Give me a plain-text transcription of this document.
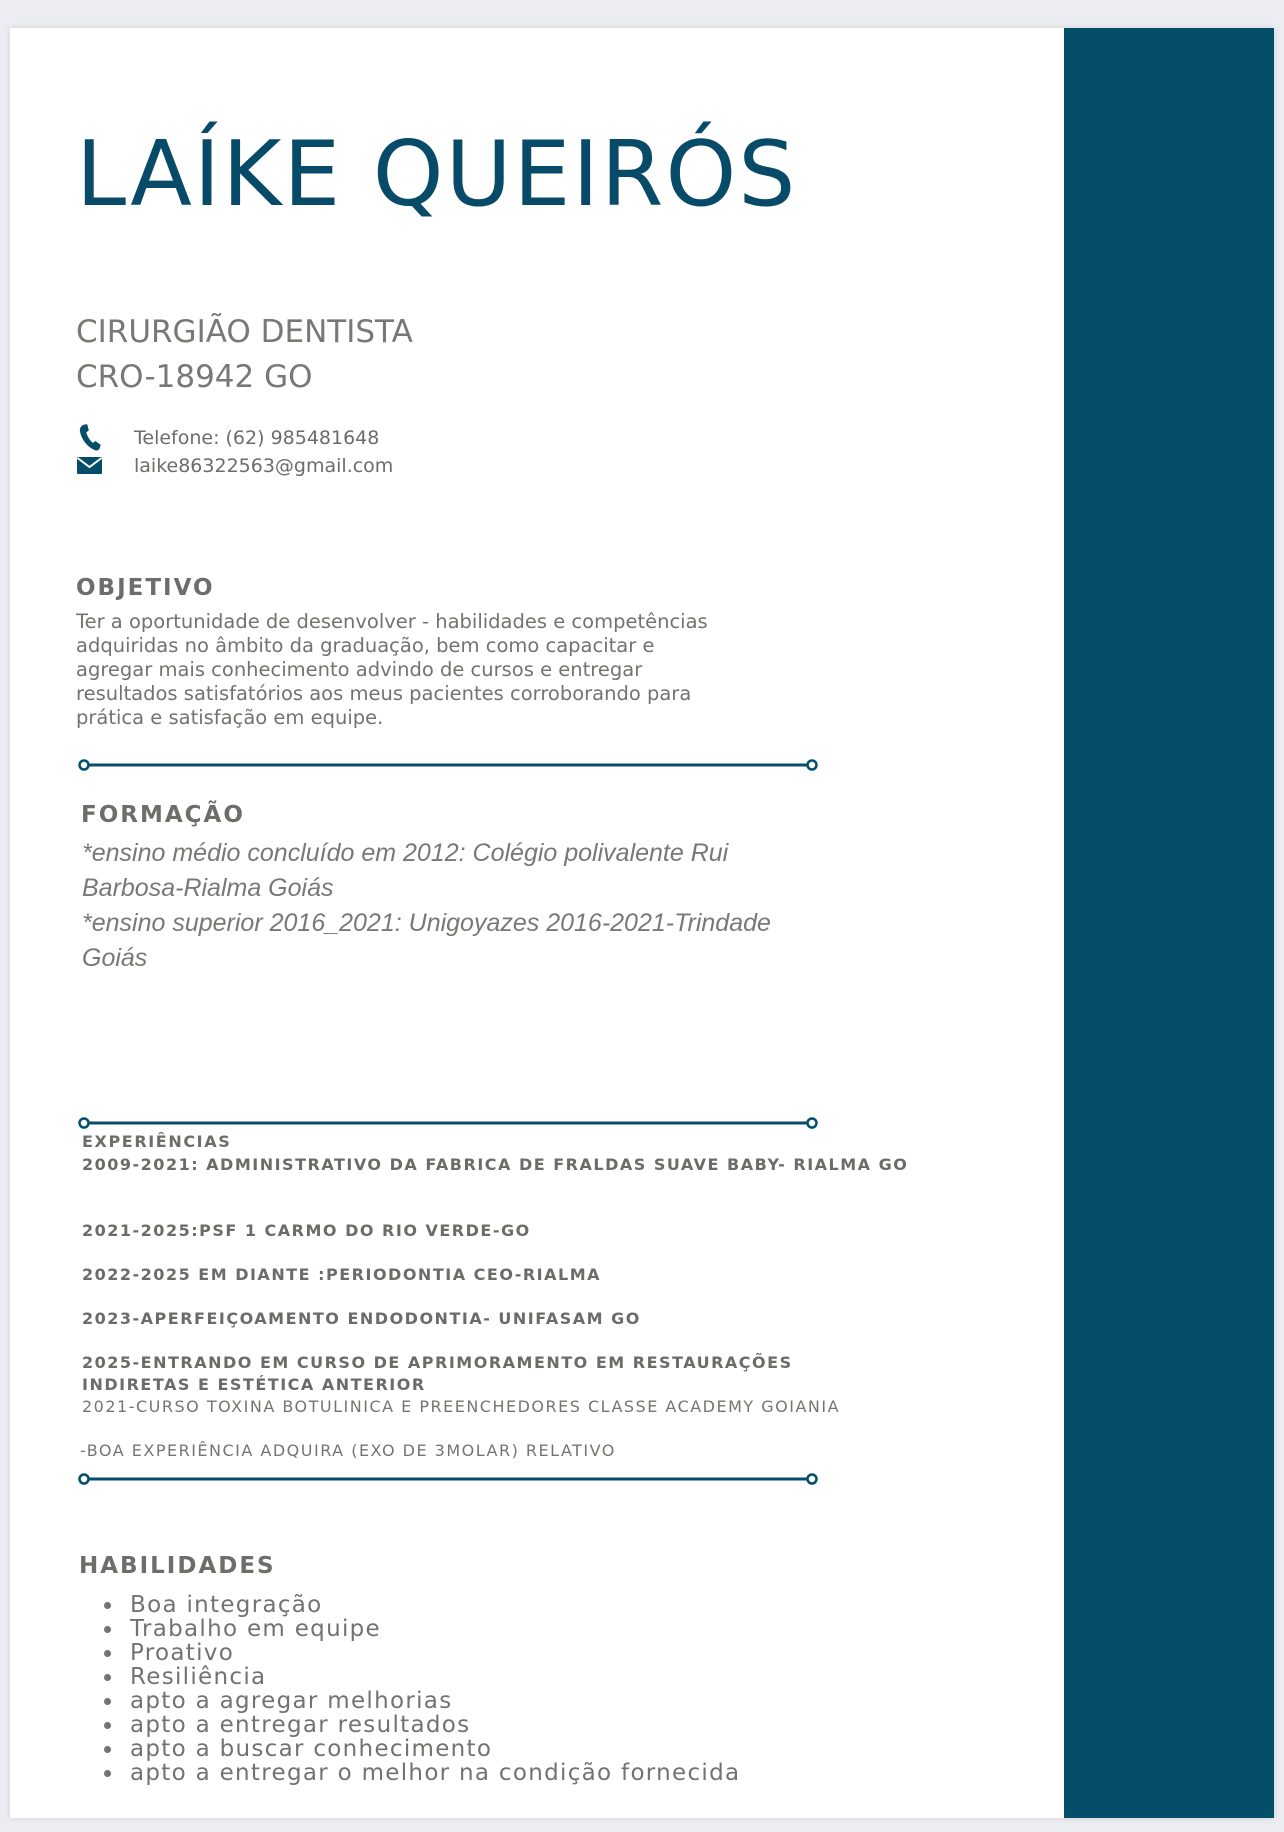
LAÍKE QUEIRÓS
CIRURGIÃO DENTISTA
CRO-18942 GO
Telefone: (62) 985481648
laike86322563@gmail.com
OBJETIVO

Ter a oportunidade de desenvolver - habilidades e competências adquiridas no âmbito da graduação, bem como capacitar e agregar mais conhecimento advindo de cursos e entregar resultados satisfatórios aos meus pacientes corroborando para prática e satisfação em equipe.

FORMAÇÃO
*ensino médio concluído em 2012: Colégio polivalente Rui Barbosa-Rialma Goiás
*ensino superior 2016_2021: Unigoyazes 2016-2021-Trindade Goiás
EXPERIÊNCIAS
2009-2021: ADMINISTRATIVO DA FABRICA DE FRALDAS SUAVE BABY- RIALMA GO
2021-2025:PSF 1 CARMO DO RIO VERDE-GO
2022-2025 EM DIANTE :PERIODONTIA CEO-RIALMA
2023-APERFEIÇOAMENTO ENDODONTIA- UNIFASAM GO
2025-ENTRANDO EM CURSO DE APRIMORAMENTO EM RESTAURAÇÕES INDIRETAS E ESTÉTICA ANTERIOR
2021-CURSO TOXINA BOTULINICA E PREENCHEDORES CLASSE ACADEMY GOIANIA
-BOA EXPERIÊNCIA ADQUIRA (EXO DE 3MOLAR) RELATIVO
HABILIDADES
Boa integração
Trabalho em equipe
Proativo
Resiliência
apto a agregar melhorias
apto a entregar resultados
apto a buscar conhecimento
apto a entregar o melhor na condição fornecida
